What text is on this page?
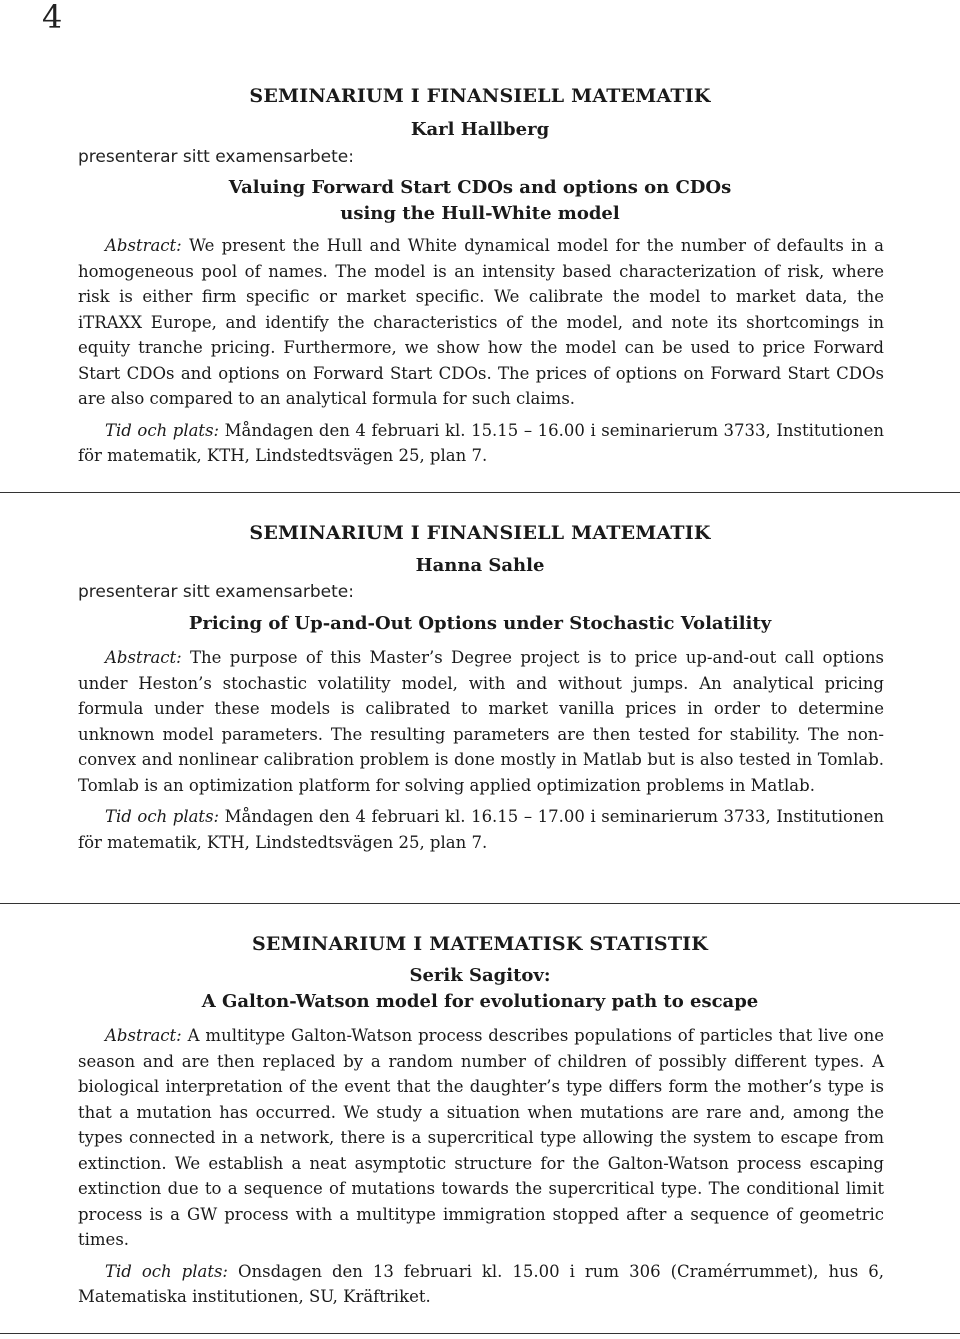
4
SEMINARIUM I FINANSIELL MATEMATIK
Karl Hallberg
presenterar sitt examensarbete:
Valuing Forward Start CDOs and options on CDOs
using the Hull-White model

Abstract: We present the Hull and White dynamical model for the number of defaults in a homogeneous pool of names. The model is an intensity based characterization of risk, where risk is either firm specific or market specific. We calibrate the model to market data, the iTRAXX Europe, and identify the characteristics of the model, and note its shortcomings in equity tranche pricing. Furthermore, we show how the model can be used to price Forward Start CDOs and options on Forward Start CDOs. The prices of options on Forward Start CDOs are also compared to an analytical formula for such claims.

Tid och plats: Måndagen den 4 februari kl. 15.15 – 16.00 i seminarierum 3733, Institutionen för matematik, KTH, Lindstedtsvägen 25, plan 7.

SEMINARIUM I FINANSIELL MATEMATIK
Hanna Sahle
presenterar sitt examensarbete:
Pricing of Up-and-Out Options under Stochastic Volatility

Abstract: The purpose of this Master’s Degree project is to price up-and-out call options under Heston’s stochastic volatility model, with and without jumps. An analytical pricing formula under these models is calibrated to market vanilla prices in order to determine unknown model parameters. The resulting parameters are then tested for stability. The non-convex and nonlinear calibration problem is done mostly in Matlab but is also tested in Tomlab. Tomlab is an optimization platform for solving applied optimization problems in Matlab.

Tid och plats: Måndagen den 4 februari kl. 16.15 – 17.00 i seminarierum 3733, Institutionen för matematik, KTH, Lindstedtsvägen 25, plan 7.

SEMINARIUM I MATEMATISK STATISTIK
Serik Sagitov:
A Galton-Watson model for evolutionary path to escape

Abstract: A multitype Galton-Watson process describes populations of particles that live one season and are then replaced by a random number of children of possibly different types. A biological interpretation of the event that the daughter’s type differs form the mother’s type is that a mutation has occurred. We study a situation when mutations are rare and, among the types connected in a network, there is a supercritical type allowing the system to escape from extinction. We establish a neat asymptotic structure for the Galton-Watson process escaping extinction due to a sequence of mutations towards the supercritical type. The conditional limit process is a GW process with a multitype immigration stopped after a sequence of geometric times.

Tid och plats: Onsdagen den 13 februari kl. 15.00 i rum 306 (Cramérrummet), hus 6, Matematiska institutionen, SU, Kräftriket.
